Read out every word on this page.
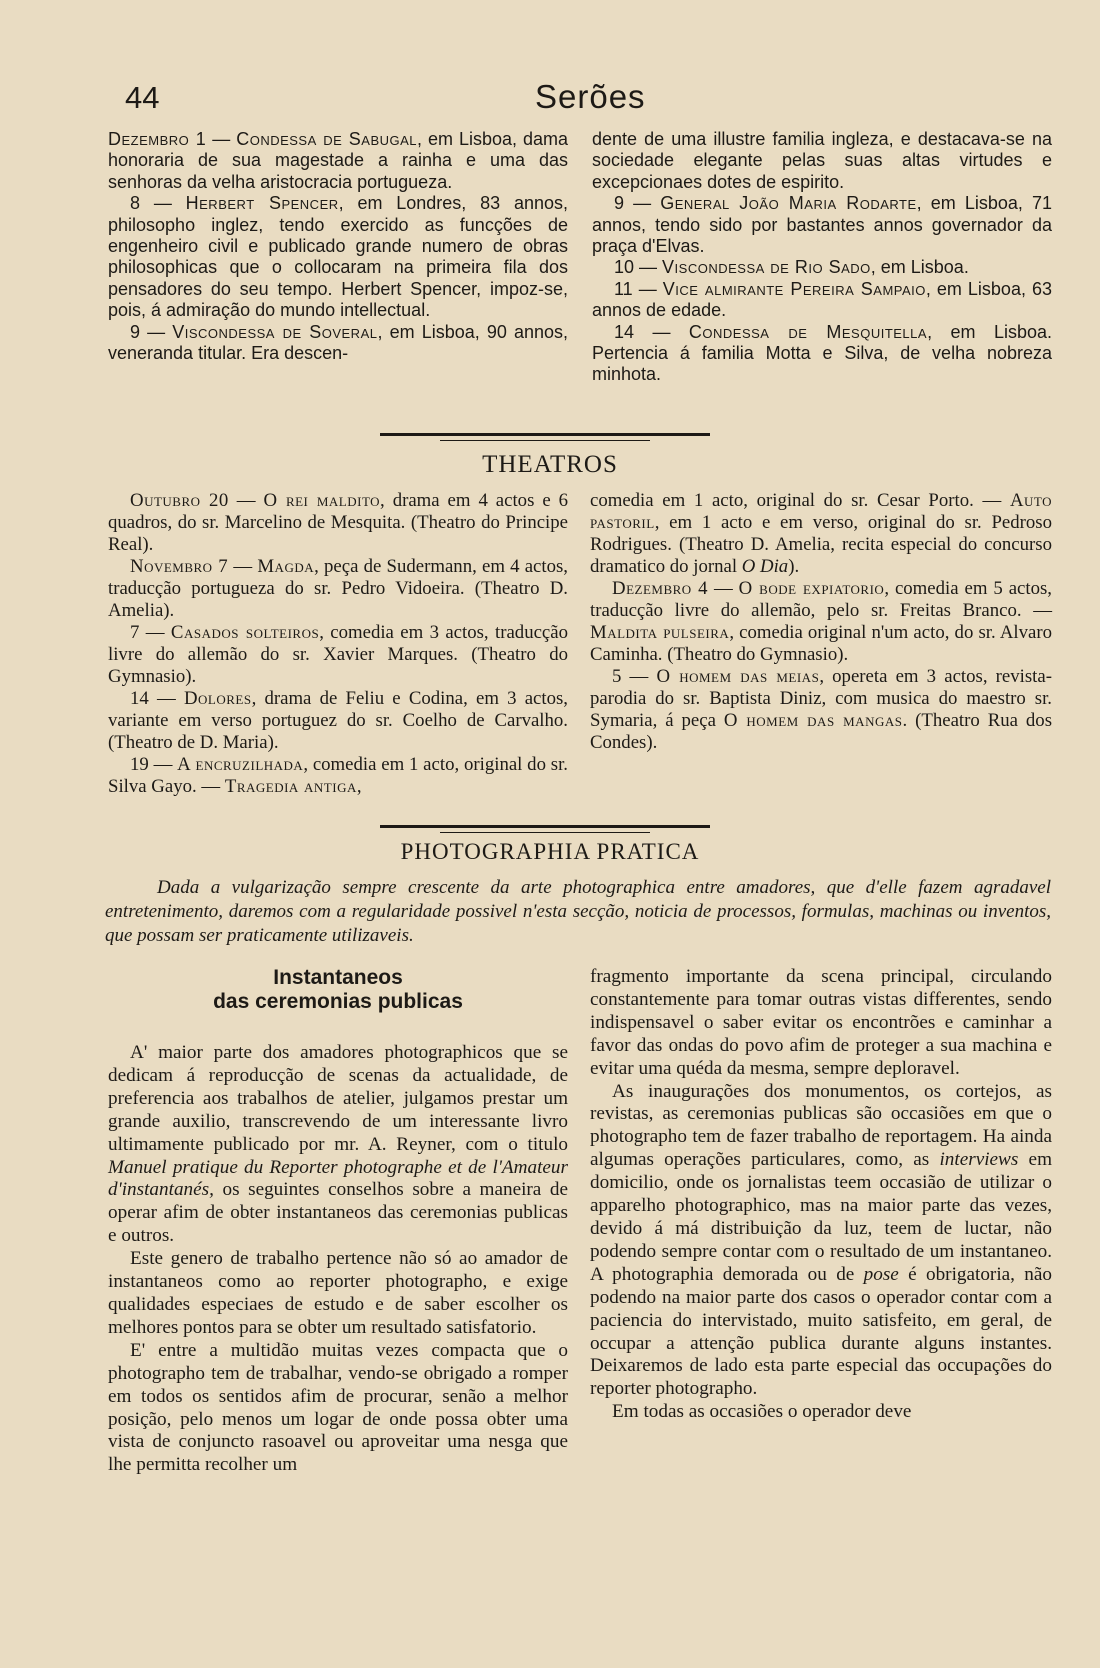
44	Serões

Dezembro 1 — Condessa de Sabugal, em Lisboa, dama honoraria de sua magestade a rainha e uma das senhoras da velha aristocracia portugueza.

8 — Herbert Spencer, em Londres, 83 annos, philosopho inglez, tendo exercido as funcções de engenheiro civil e publicado grande numero de obras philosophicas que o collocaram na primeira fila dos pensadores do seu tempo. Herbert Spencer, impoz-se, pois, á admiração do mundo intellectual.

9 — Viscondessa de Soveral, em Lisboa, 90 annos, veneranda titular. Era descen-

dente de uma illustre familia ingleza, e destacava-se na sociedade elegante pelas suas altas virtudes e excepcionaes dotes de espirito.

9 — General João Maria Rodarte, em Lisboa, 71 annos, tendo sido por bastantes annos governador da praça d'Elvas.

10 — Viscondessa de Rio Sado, em Lisboa.

11 — Vice almirante Pereira Sampaio, em Lisboa, 63 annos de edade.

14 — Condessa de Mesquitella, em Lisboa. Pertencia á familia Motta e Silva, de velha nobreza minhota.

THEATROS

Outubro 20 — O rei maldito, drama em 4 actos e 6 quadros, do sr. Marcelino de Mesquita. (Theatro do Principe Real).

Novembro 7 — Magda, peça de Sudermann, em 4 actos, traducção portugueza do sr. Pedro Vidoeira. (Theatro D. Amelia).

7 — Casados solteiros, comedia em 3 actos, traducção livre do allemão do sr. Xavier Marques. (Theatro do Gymnasio).

14 — Dolores, drama de Feliu e Codina, em 3 actos, variante em verso portuguez do sr. Coelho de Carvalho. (Theatro de D. Maria).

19 — A encruzilhada, comedia em 1 acto, original do sr. Silva Gayo. — Tragedia antiga,

comedia em 1 acto, original do sr. Cesar Porto. — Auto pastoril, em 1 acto e em verso, original do sr. Pedroso Rodrigues. (Theatro D. Amelia, recita especial do concurso dramatico do jornal O Dia).

Dezembro 4 — O bode expiatorio, comedia em 5 actos, traducção livre do allemão, pelo sr. Freitas Branco. — Maldita pulseira, comedia original n'um acto, do sr. Alvaro Caminha. (Theatro do Gymnasio).

5 — O homem das meias, opereta em 3 actos, revista-parodia do sr. Baptista Diniz, com musica do maestro sr. Symaria, á peça O homem das mangas. (Theatro Rua dos Condes).

PHOTOGRAPHIA PRATICA

Dada a vulgarização sempre crescente da arte photographica entre amadores, que d'elle fazem agradavel entretenimento, daremos com a regularidade possivel n'esta secção, noticia de processos, formulas, machinas ou inventos, que possam ser praticamente utilizaveis.

Instantaneos
das ceremonias publicas

A' maior parte dos amadores photographicos que se dedicam á reproducção de scenas da actualidade, de preferencia aos trabalhos de atelier, julgamos prestar um grande auxilio, transcrevendo de um interessante livro ultimamente publicado por mr. A. Reyner, com o titulo Manuel pratique du Reporter photographe et de l'Amateur d'instantanés, os seguintes conselhos sobre a maneira de operar afim de obter instantaneos das ceremonias publicas e outros.

Este genero de trabalho pertence não só ao amador de instantaneos como ao reporter photographo, e exige qualidades especiaes de estudo e de saber escolher os melhores pontos para se obter um resultado satisfatorio.

E' entre a multidão muitas vezes compacta que o photographo tem de trabalhar, vendo-se obrigado a romper em todos os sentidos afim de procurar, senão a melhor posição, pelo menos um logar de onde possa obter uma vista de conjuncto rasoavel ou aproveitar uma nesga que lhe permitta recolher um

fragmento importante da scena principal, circulando constantemente para tomar outras vistas differentes, sendo indispensavel o saber evitar os encontrões e caminhar a favor das ondas do povo afim de proteger a sua machina e evitar uma quéda da mesma, sempre deploravel.

As inaugurações dos monumentos, os cortejos, as revistas, as ceremonias publicas são occasiões em que o photographo tem de fazer trabalho de reportagem. Ha ainda algumas operações particulares, como, as interviews em domicilio, onde os jornalistas teem occasião de utilizar o apparelho photographico, mas na maior parte das vezes, devido á má distribuição da luz, teem de luctar, não podendo sempre contar com o resultado de um instantaneo. A photographia demorada ou de pose é obrigatoria, não podendo na maior parte dos casos o operador contar com a paciencia do intervistado, muito satisfeito, em geral, de occupar a attenção publica durante alguns instantes. Deixaremos de lado esta parte especial das occupações do reporter photographo.

Em todas as occasiões o operador deve
